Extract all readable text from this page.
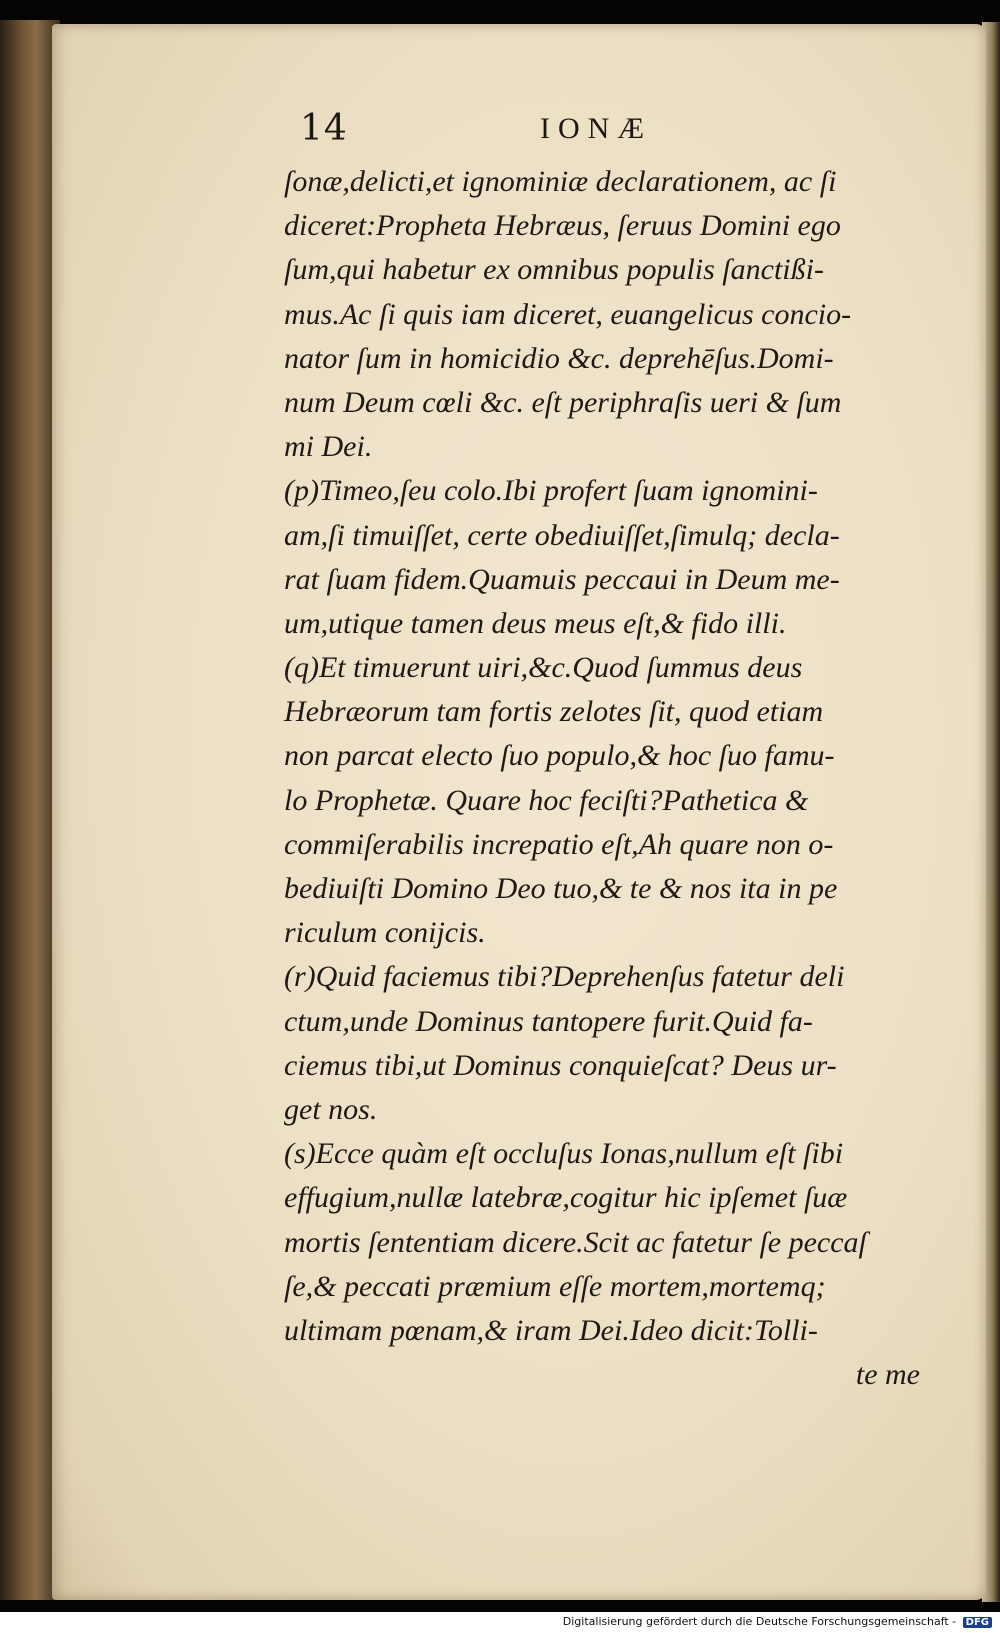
14	IONÆ
ſonæ,delicti,et ignominiæ declarationem, ac ſi
diceret:Propheta Hebræus, ſeruus Domini ego
ſum,qui habetur ex omnibus populis ſanctißi-
mus.Ac ſi quis iam diceret, euangelicus concio-
nator ſum in homicidio &c. deprehēſus.Domi-
num Deum cœli &c. eſt periphraſis ueri & ſum
mi Dei.
(p)Timeo,ſeu colo.Ibi profert ſuam ignomini-
am,ſi timuiſſet, certe obediuiſſet,ſimulq; decla-
rat ſuam fidem.Quamuis peccaui in Deum me-
um,utique tamen deus meus eſt,& fido illi.
(q)Et timuerunt uiri,&c.Quod ſummus deus
Hebræorum tam fortis zelotes ſit, quod etiam
non parcat electo ſuo populo,& hoc ſuo famu-
lo Prophetæ. Quare hoc feciſti?Pathetica &
commiſerabilis increpatio eſt,Ah quare non o-
bediuiſti Domino Deo tuo,& te & nos ita in pe
riculum conijcis.
(r)Quid faciemus tibi?Deprehenſus fatetur deli
ctum,unde Dominus tantopere furit.Quid fa-
ciemus tibi,ut Dominus conquieſcat? Deus ur-
get nos.
(s)Ecce quàm eſt occluſus Ionas,nullum eſt ſibi
effugium,nullæ latebræ,cogitur hic ipſemet ſuæ
mortis ſententiam dicere.Scit ac fatetur ſe peccaſ
ſe,& peccati præmium eſſe mortem,mortemq;
ultimam pœnam,& iram Dei.Ideo dicit:Tolli-
te me
Digitalisierung gefördert durch die Deutsche Forschungsgemeinschaft - DFG
